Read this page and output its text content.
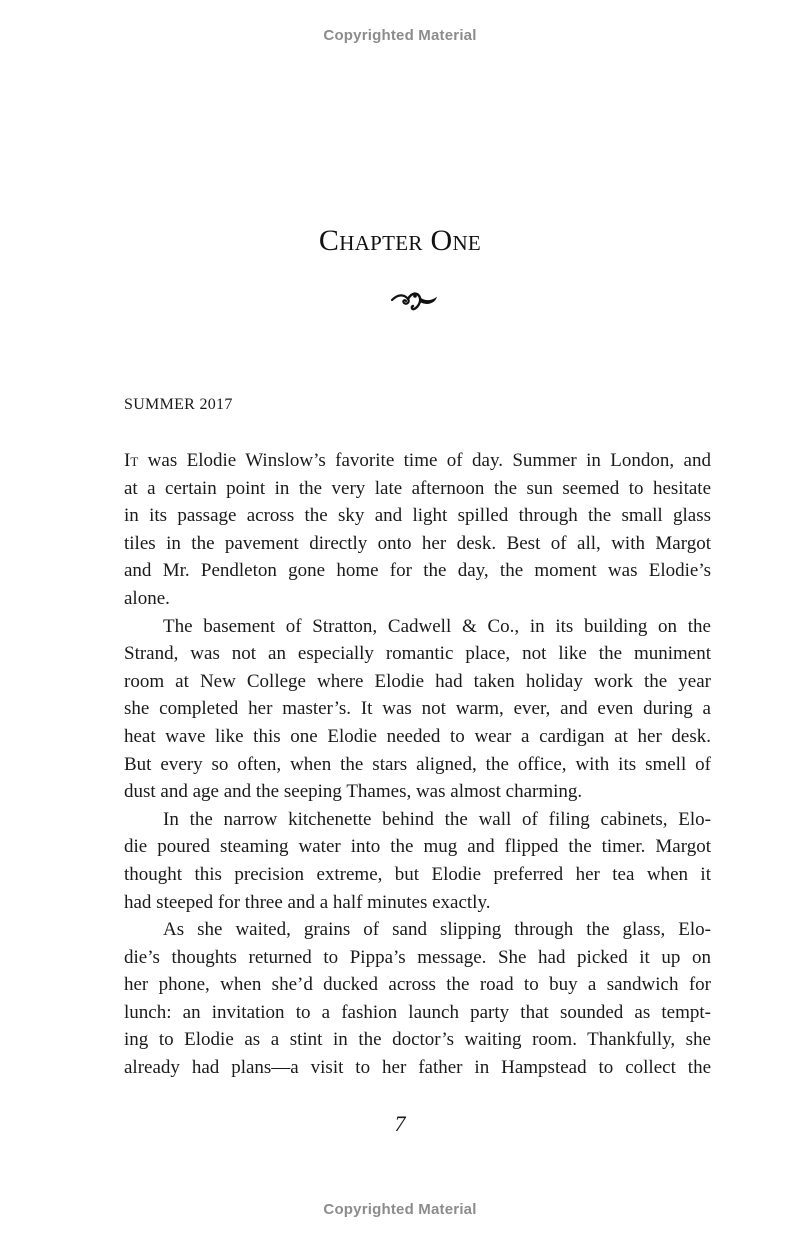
Copyrighted Material
Chapter One
SUMMER 2017

It was Elodie Winslow’s favorite time of day. Summer in London, and
at a certain point in the very late afternoon the sun seemed to hesitate
in its passage across the sky and light spilled through the small glass
tiles in the pavement directly onto her desk. Best of all, with Margot
and Mr. Pendleton gone home for the day, the moment was Elodie’s
alone.

The basement of Stratton, Cadwell & Co., in its building on the
Strand, was not an especially romantic place, not like the muniment
room at New College where Elodie had taken holiday work the year
she completed her master’s. It was not warm, ever, and even during a
heat wave like this one Elodie needed to wear a cardigan at her desk.
But every so often, when the stars aligned, the office, with its smell of
dust and age and the seeping Thames, was almost charming.

In the narrow kitchenette behind the wall of filing cabinets, Elo-
die poured steaming water into the mug and flipped the timer. Margot
thought this precision extreme, but Elodie preferred her tea when it
had steeped for three and a half minutes exactly.

As she waited, grains of sand slipping through the glass, Elo-
die’s thoughts returned to Pippa’s message. She had picked it up on
her phone, when she’d ducked across the road to buy a sandwich for
lunch: an invitation to a fashion launch party that sounded as tempt-
ing to Elodie as a stint in the doctor’s waiting room. Thankfully, she
already had plans—a visit to her father in Hampstead to collect the

7
Copyrighted Material
